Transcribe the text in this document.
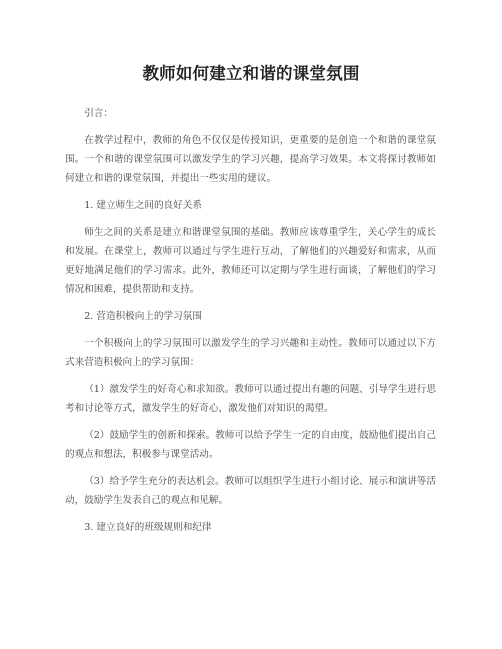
教师如何建立和谐的课堂氛围

引言：

在教学过程中，教师的角色不仅仅是传授知识，更重要的是创造一个和谐的课堂氛围。一个和谐的课堂氛围可以激发学生的学习兴趣，提高学习效果。本文将探讨教师如何建立和谐的课堂氛围，并提出一些实用的建议。

1. 建立师生之间的良好关系

师生之间的关系是建立和谐课堂氛围的基础。教师应该尊重学生，关心学生的成长和发展。在课堂上，教师可以通过与学生进行互动，了解他们的兴趣爱好和需求，从而更好地满足他们的学习需求。此外，教师还可以定期与学生进行面谈，了解他们的学习情况和困难，提供帮助和支持。

2. 营造积极向上的学习氛围

一个积极向上的学习氛围可以激发学生的学习兴趣和主动性。教师可以通过以下方式来营造积极向上的学习氛围：

（1）激发学生的好奇心和求知欲。教师可以通过提出有趣的问题、引导学生进行思考和讨论等方式，激发学生的好奇心，激发他们对知识的渴望。

（2）鼓励学生的创新和探索。教师可以给予学生一定的自由度，鼓励他们提出自己的观点和想法，积极参与课堂活动。

（3）给予学生充分的表达机会。教师可以组织学生进行小组讨论、展示和演讲等活动，鼓励学生发表自己的观点和见解。

3. 建立良好的班级规则和纪律
